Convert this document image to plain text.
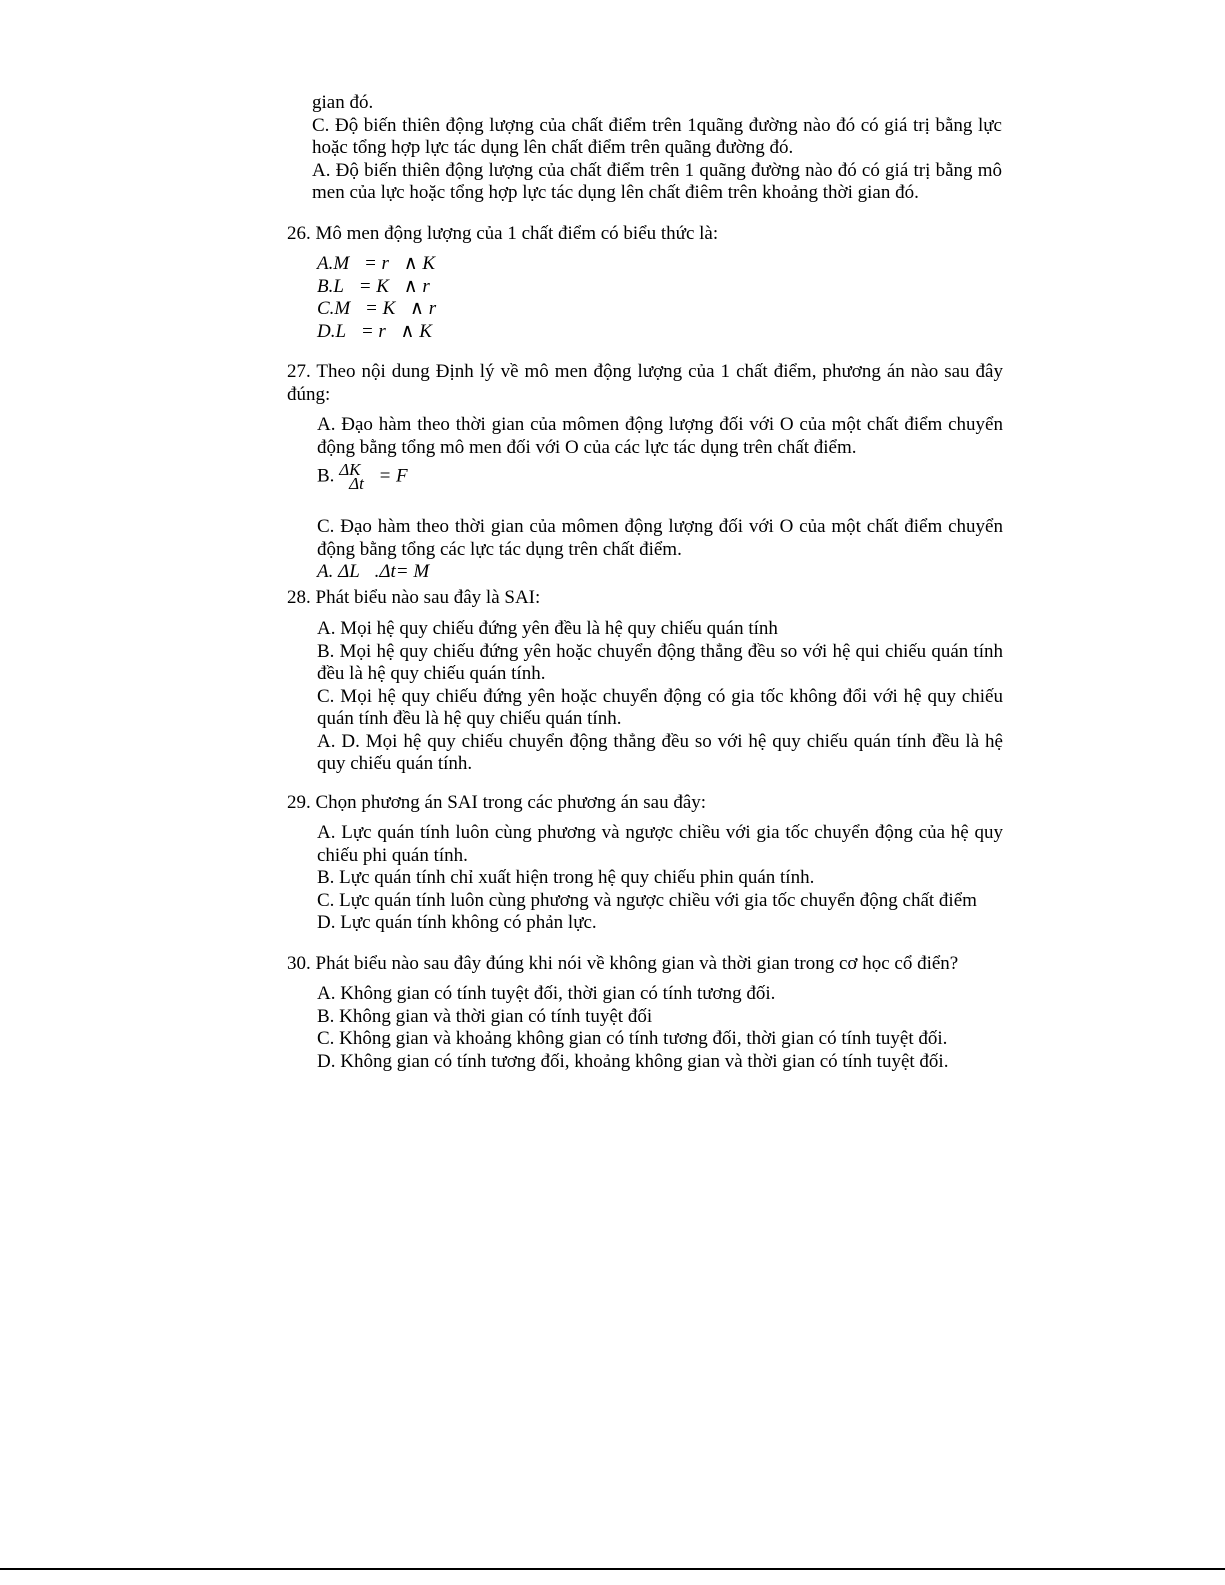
gian đó.
C. Độ biến thiên động lượng của chất điểm trên 1quãng đường nào đó có giá trị bằng lực hoặc tổng hợp lực tác dụng lên chất điểm trên quãng đường đó.
A. Độ biến thiên động lượng của chất điểm trên 1 quãng đường nào đó có giá trị bằng mô men của lực hoặc tổng hợp lực tác dụng lên chất điêm trên khoảng thời gian đó.
26. Mô men động lượng của 1 chất điểm có biểu thức là:
A.M⃗= r⃗∧ K⃗
B.L⃗= K⃗∧ r⃗
C.M⃗= K⃗∧ r⃗
D.L⃗= r⃗∧ K⃗
27. Theo nội dung Định lý về mô men động lượng của 1 chất điểm, phương án nào sau đây đúng:
A. Đạo hàm theo thời gian của mômen động lượng đối với O của một chất điểm chuyển động bằng tổng mô men đối với O của các lực tác dụng trên chất điểm.
B. ΔK⃗
Δt = F⃗
C. Đạo hàm theo thời gian của mômen động lượng đối với O của một chất điểm chuyển động bằng tổng các lực tác dụng trên chất điểm.
A. ΔL⃗.Δt= M⃗
28. Phát biểu nào sau đây là SAI:
A. Mọi hệ quy chiếu đứng yên đều là hệ quy chiếu quán tính
B. Mọi hệ quy chiếu đứng yên hoặc chuyển động thẳng đều so với hệ qui chiếu quán tính đều là hệ quy chiếu quán tính.
C. Mọi hệ quy chiếu đứng yên hoặc chuyển động có gia tốc không đổi với hệ quy chiếu quán tính đều là hệ quy chiếu quán tính.
A. D. Mọi hệ quy chiếu chuyển động thẳng đều so với hệ quy chiếu quán tính đều là hệ quy chiếu quán tính.
29. Chọn phương án SAI trong các phương án sau đây:
A. Lực quán tính luôn cùng phương và ngược chiều với gia tốc chuyển động của hệ quy chiếu phi quán tính.
B. Lực quán tính chỉ xuất hiện trong hệ quy chiếu phin quán tính.
C. Lực quán tính luôn cùng phương và ngược chiều với gia tốc chuyển động chất điểm
D. Lực quán tính không có phản lực.
30. Phát biểu nào sau đây đúng khi nói về không gian và thời gian trong cơ học cổ điển?
A. Không gian có tính tuyệt đối, thời gian có tính tương đối.
B. Không gian và thời gian có tính tuyệt đối
C. Không gian và khoảng không gian có tính tương đối, thời gian có tính tuyệt đối.
D. Không gian có tính tương đối, khoảng không gian và thời gian có tính tuyệt đối.
